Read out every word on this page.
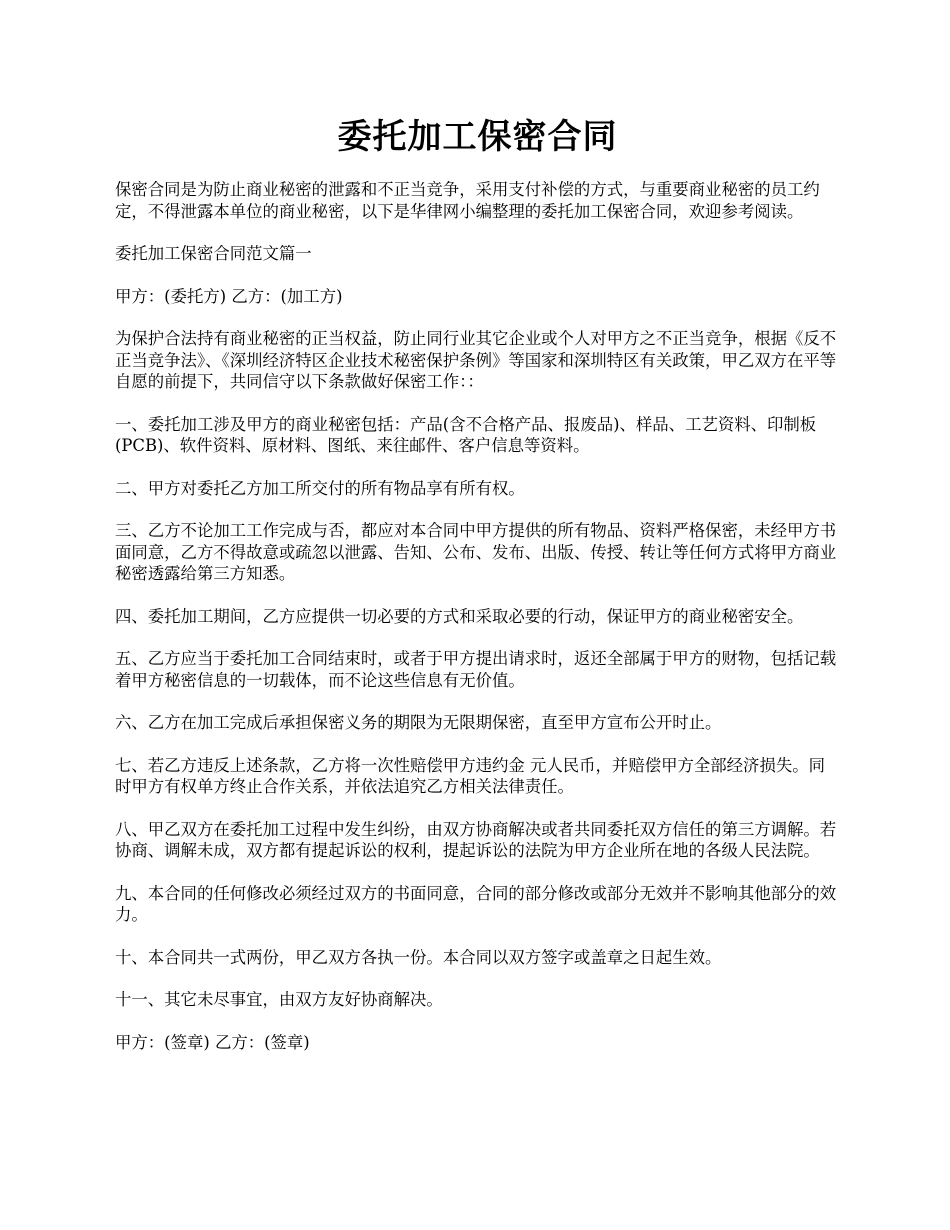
委托加工保密合同

保密合同是为防止商业秘密的泄露和不正当竞争，采用支付补偿的方式，与重要商业秘密的员工约定，不得泄露本单位的商业秘密，以下是华律网小编整理的委托加工保密合同，欢迎参考阅读。

委托加工保密合同范文篇一

甲方：(委托方) 乙方：(加工方)

为保护合法持有商业秘密的正当权益，防止同行业其它企业或个人对甲方之不正当竞争，根据《反不正当竞争法》、《深圳经济特区企业技术秘密保护条例》等国家和深圳特区有关政策，甲乙双方在平等自愿的前提下，共同信守以下条款做好保密工作：：

一、委托加工涉及甲方的商业秘密包括：产品(含不合格产品、报废品)、样品、工艺资料、印制板(PCB)、软件资料、原材料、图纸、来往邮件、客户信息等资料。

二、甲方对委托乙方加工所交付的所有物品享有所有权。

三、乙方不论加工工作完成与否，都应对本合同中甲方提供的所有物品、资料严格保密，未经甲方书面同意，乙方不得故意或疏忽以泄露、告知、公布、发布、出版、传授、转让等任何方式将甲方商业秘密透露给第三方知悉。

四、委托加工期间，乙方应提供一切必要的方式和采取必要的行动，保证甲方的商业秘密安全。

五、乙方应当于委托加工合同结束时，或者于甲方提出请求时，返还全部属于甲方的财物，包括记载着甲方秘密信息的一切载体，而不论这些信息有无价值。

六、乙方在加工完成后承担保密义务的期限为无限期保密，直至甲方宣布公开时止。

七、若乙方违反上述条款，乙方将一次性赔偿甲方违约金 元人民币，并赔偿甲方全部经济损失。同时甲方有权单方终止合作关系，并依法追究乙方相关法律责任。

八、甲乙双方在委托加工过程中发生纠纷，由双方协商解决或者共同委托双方信任的第三方调解。若协商、调解未成，双方都有提起诉讼的权利，提起诉讼的法院为甲方企业所在地的各级人民法院。

九、本合同的任何修改必须经过双方的书面同意，合同的部分修改或部分无效并不影响其他部分的效力。

十、本合同共一式两份，甲乙双方各执一份。本合同以双方签字或盖章之日起生效。

十一、其它未尽事宜，由双方友好协商解决。

甲方：(签章) 乙方：(签章)
